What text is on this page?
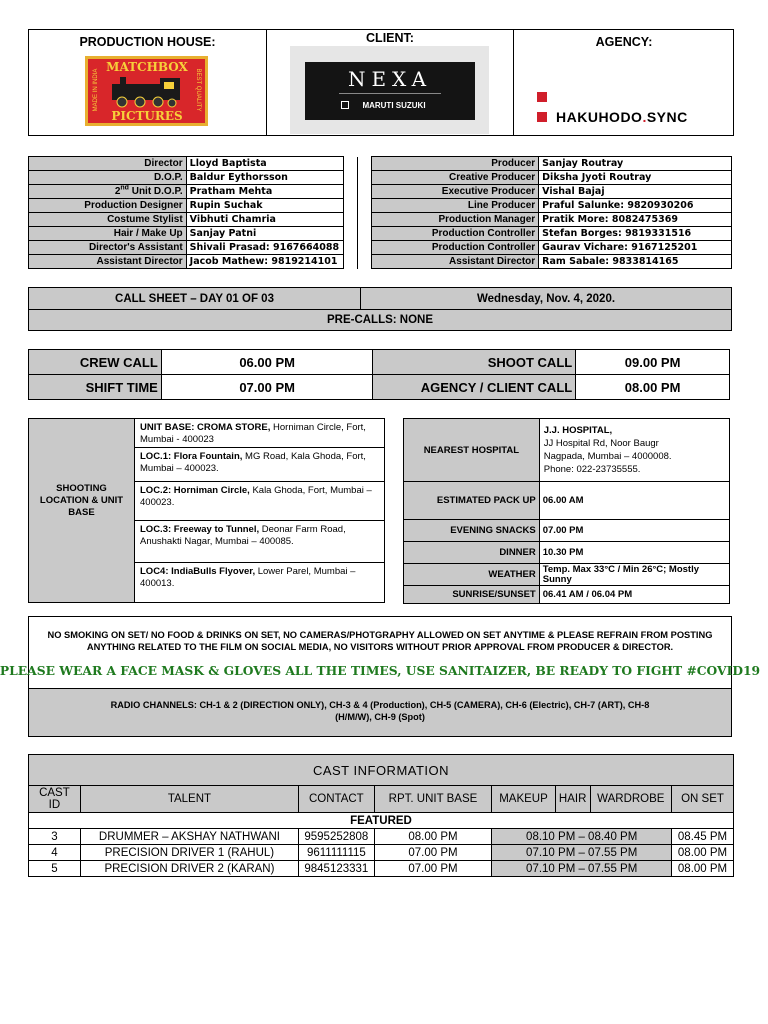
PRODUCTION HOUSE:	CLIENT:	AGENCY:
MATCHBOX
PICTURES
MADE IN INDIA	BEST QUALITY	NEXA
MARUTI SUZUKI
HAKUHODO . SYNC
Director	Lloyd Baptista			Producer	Sanjay Routray
D.O.P.	Baldur Eythorsson			Creative Producer	Diksha Jyoti Routray
2nd Unit D.O.P.	Pratham Mehta			Executive Producer	Vishal Bajaj
Production Designer	Rupin Suchak			Line Producer	Praful Salunke: 9820930206
Costume Stylist	Vibhuti Chamria			Production Manager	Pratik More: 8082475369
Hair / Make Up	Sanjay Patni			Production Controller	Stefan Borges: 9819331516
Director's Assistant	Shivali Prasad: 9167664088			Production Controller	Gaurav Vichare: 9167125201
Assistant Director	Jacob Mathew: 9819214101			Assistant Director	Ram Sabale: 9833814165
CALL SHEET – DAY 01 OF 03	Wednesday, Nov. 4, 2020.
PRE-CALLS: NONE
CREW CALL	06.00 PM	SHOOT CALL	09.00 PM
SHIFT TIME	07.00 PM	AGENCY / CLIENT CALL	08.00 PM
SHOOTING LOCATION & UNIT BASE
UNIT BASE: CROMA STORE, Horniman Circle, Fort, Mumbai - 400023
LOC.1: Flora Fountain, MG Road, Kala Ghoda, Fort, Mumbai – 400023.
LOC.2: Horniman Circle, Kala Ghoda, Fort, Mumbai – 400023.
LOC.3: Freeway to Tunnel, Deonar Farm Road, Anushakti Nagar, Mumbai – 400085.
LOC4: IndiaBulls Flyover, Lower Parel, Mumbai – 400013.
NEAREST HOSPITAL	J.J. HOSPITAL,
JJ Hospital Rd, Noor Baugr
Nagpada, Mumbai – 4000008.
Phone: 022-23735555.

ESTIMATED PACK UP	06.00 AM
EVENING SNACKS	07.00 PM
DINNER	10.30 PM
WEATHER	Temp. Max 33°C / Min 26°C; Mostly Sunny
SUNRISE/SUNSET	06.41 AM / 06.04 PM
NO SMOKING ON SET/ NO FOOD & DRINKS ON SET, NO CAMERAS/PHOTGRAPHY ALLOWED ON SET ANYTIME & PLEASE REFRAIN FROM POSTING ANYTHING RELATED TO THE FILM ON SOCIAL MEDIA, NO VISITORS WITHOUT PRIOR APPROVAL FROM PRODUCER & DIRECTOR.
PLEASE WEAR A FACE MASK & GLOVES ALL THE TIMES, USE SANITAIZER, BE READY TO FIGHT #COVID19
RADIO CHANNELS: CH-1 & 2 (DIRECTION ONLY), CH-3 & 4 (Production), CH-5 (CAMERA), CH-6 (Electric), CH-7 (ART), CH-8 (H/M/W), CH-9 (Spot)
CAST INFORMATION							
CAST ID	TALENT	CONTACT	RPT. UNIT BASE	MAKEUP	HAIR	WARDROBE	ON SET
FEATURED							
3	DRUMMER – AKSHAY NATHWANI	9595252808	08.00 PM	08.10 PM – 08.40 PM			08.45 PM
4	PRECISION DRIVER 1 (RAHUL)	9611111115	07.00 PM	07.10 PM – 07.55 PM			08.00 PM
5	PRECISION DRIVER 2 (KARAN)	9845123331	07.00 PM	07.10 PM – 07.55 PM			08.00 PM
